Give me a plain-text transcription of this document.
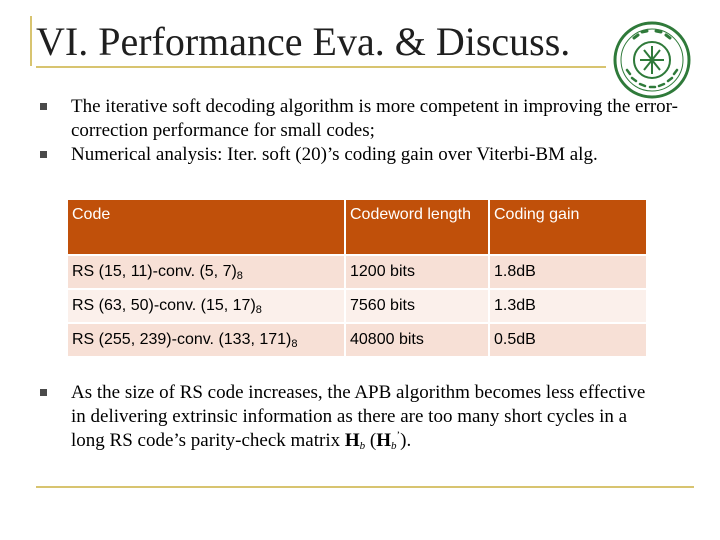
VI. Performance Eva. & Discuss.
The iterative soft decoding algorithm is more competent in improving the error-correction performance for small codes;
Numerical analysis: Iter. soft (20)’s coding gain over Viterbi-BM alg.
Code	Codeword length	Coding gain
RS (15, 11)-conv. (5, $7)_8$	1200 bits	1.8dB
RS (63, 50)-conv. (15, $17)_8$	7560 bits	1.3dB
RS (255, 239)-conv. (133, $171)_8$	40800 bits	0.5dB
As the size of RS code increases, the APB algorithm becomes less effective in delivering extrinsic information as there are too many short cycles in a long RS code’s parity-check matrix $H_b$ $(H_b^’)$.
